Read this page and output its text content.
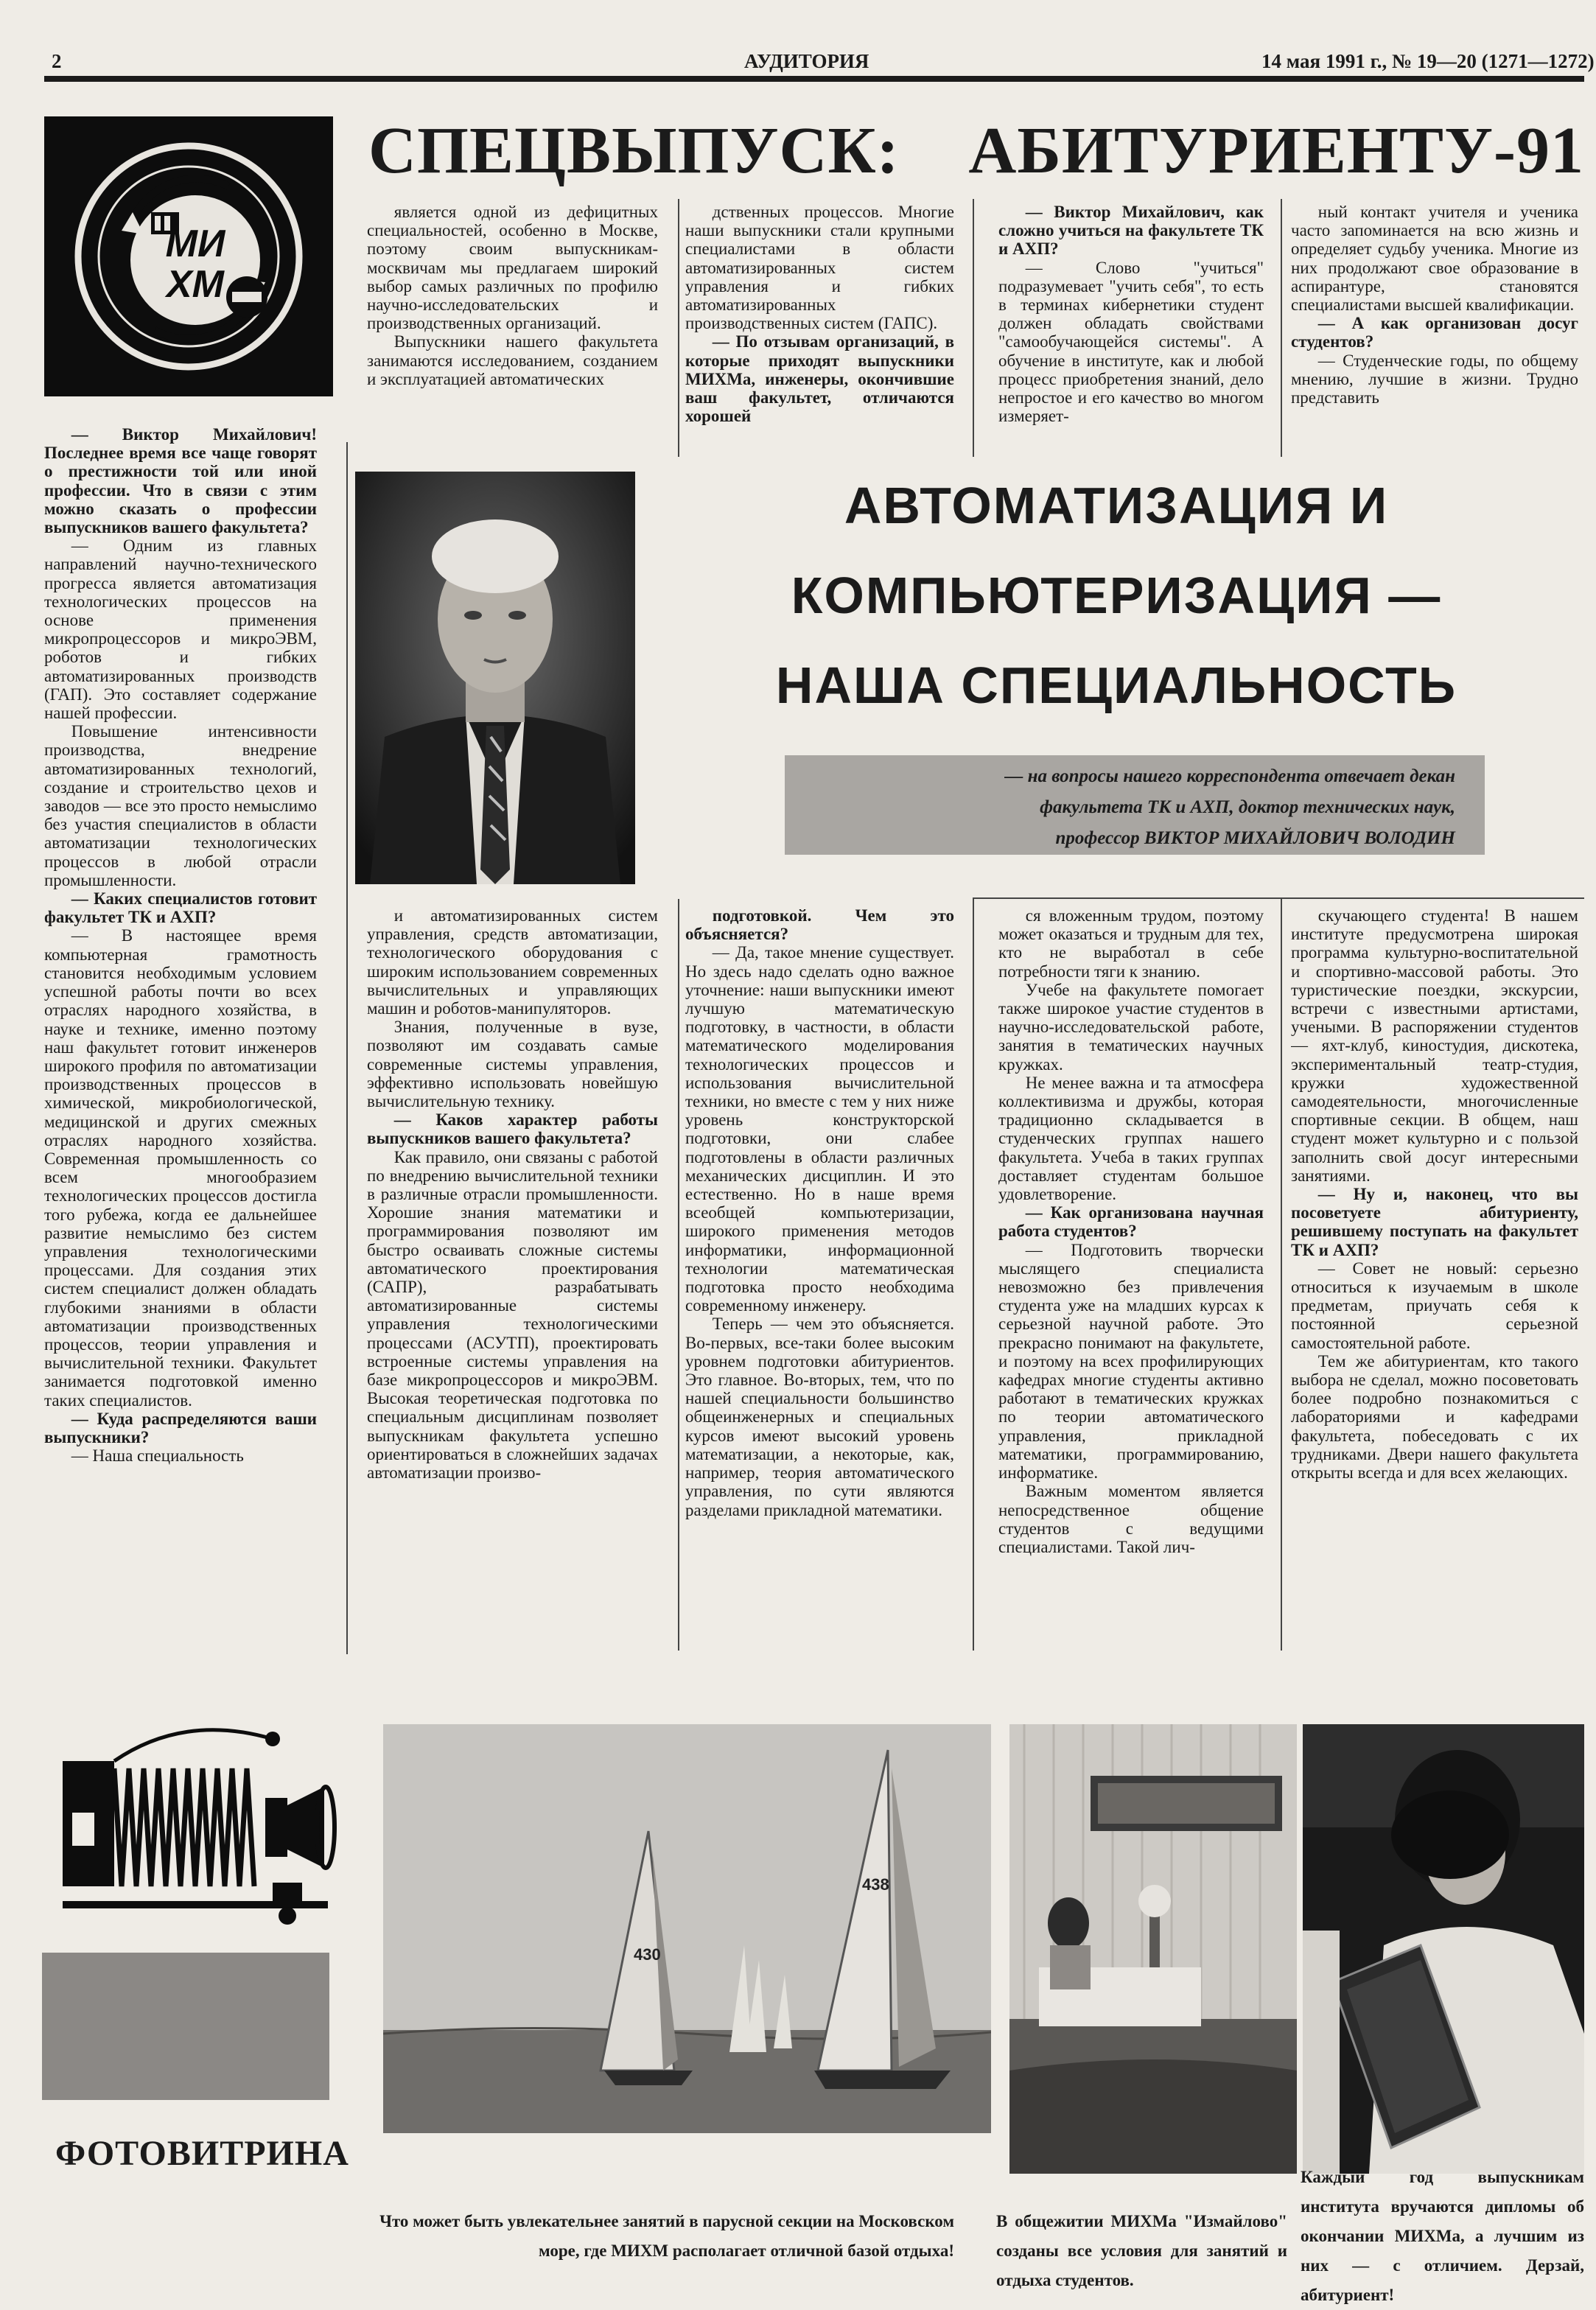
2	АУДИТОРИЯ	14 мая 1991 г., № 19—20 (1271—1272)
МИ
ХМ
СПЕЦВЫПУСК: АБИТУРИЕНТУ-91
АВТОМАТИЗАЦИЯ И
КОМПЬЮТЕРИЗАЦИЯ —
НАША СПЕЦИАЛЬНОСТЬ
— на вопросы нашего корреспондента отвечает декан
факультета ТК и АХП, доктор технических наук,
профессор ВИКТОР МИХАЙЛОВИЧ ВОЛОДИН

— Виктор Михайлович! Последнее время все чаще говорят о престижности той или иной профессии. Что в связи с этим можно сказать о профессии выпускников вашего факультета?

— Одним из главных направлений научно-технического прогресса является автоматизация технологических процессов на основе применения микропроцессоров и микроЭВМ, роботов и гибких автоматизированных производств (ГАП). Это составляет содержание нашей профессии.

Повышение интенсивности производства, внедрение автоматизированных технологий, создание и строительство цехов и заводов — все это просто немыслимо без участия специалистов в области автоматизации технологических процессов в любой отрасли промышленности.

— Каких специалистов готовит факультет ТК и АХП?

— В настоящее время компьютерная грамотность становится необходимым условием успешной работы почти во всех отраслях народного хозяйства, в науке и технике, именно поэтому наш факультет готовит инженеров широкого профиля по автоматизации производственных процессов в химической, микробиологической, медицинской и других смежных отраслях народного хозяйства. Современная промышленность со всем многообразием технологических процессов достигла того рубежа, когда ее дальнейшее развитие немыслимо без систем управления технологическими процессами. Для создания этих систем специалист должен обладать глубокими знаниями в области автоматизации производственных процессов, теории управления и вычислительной техники. Факультет занимается подготовкой именно таких специалистов.

— Куда распределяются ваши выпускники?

— Наша специальность

является одной из дефицитных специальностей, особенно в Москве, поэтому своим выпускникам-москвичам мы предлагаем широкий выбор самых различных по профилю научно-исследовательских и производственных организаций.

Выпускники нашего факультета занимаются исследованием, созданием и эксплуатацией автоматических

дственных процессов. Многие наши выпускники стали крупными специалистами в области автоматизированных систем управления и гибких автоматизированных производственных систем (ГАПС).

— По отзывам организаций, в которые приходят выпускники МИХМа, инженеры, окончившие ваш факультет, отличаются хорошей

— Виктор Михайлович, как сложно учиться на факультете ТК и АХП?

— Слово "учиться" подразумевает "учить себя", то есть в терминах кибернетики студент должен обладать свойствами "самообучающейся системы". А обучение в институте, как и любой процесс приобретения знаний, дело непростое и его качество во многом измеряет-

ный контакт учителя и ученика часто запоминается на всю жизнь и определяет судьбу ученика. Многие из них продолжают свое образование в аспирантуре, становятся специалистами высшей квалификации.

— А как организован досуг студентов?

— Студенческие годы, по общему мнению, лучшие в жизни. Трудно представить

и автоматизированных систем управления, средств автоматизации, технологического оборудования с широким использованием современных вычислительных и управляющих машин и роботов-манипуляторов.

Знания, полученные в вузе, позволяют им создавать самые современные системы управления, эффективно использовать новейшую вычислительную технику.

— Каков характер работы выпускников вашего факультета?

Как правило, они связаны с работой по внедрению вычислительной техники в различные отрасли промышленности. Хорошие знания математики и программирования позволяют им быстро осваивать сложные системы автоматического проектирования (САПР), разрабатывать автоматизированные системы управления технологическими процессами (АСУТП), проектировать встроенные системы управления на базе микропроцессоров и микроЭВМ. Высокая теоретическая подготовка по специальным дисциплинам позволяет выпускникам факультета успешно ориентироваться в сложнейших задачах автоматизации произво-

подготовкой. Чем это объясняется?

— Да, такое мнение существует. Но здесь надо сделать одно важное уточнение: наши выпускники имеют лучшую математическую подготовку, в частности, в области математического моделирования технологических процессов и использования вычислительной техники, но вместе с тем у них ниже уровень конструкторской подготовки, они слабее подготовлены в области различных механических дисциплин. И это естественно. Но в наше время всеобщей компьютеризации, широкого применения методов информатики, информационной технологии математическая подготовка просто необходима современному инженеру.

Теперь — чем это объясняется. Во-первых, все-таки более высоким уровнем подготовки абитуриентов. Это главное. Во-вторых, тем, что по нашей специальности большинство общеинженерных и специальных курсов имеют высокий уровень математизации, а некоторые, как, например, теория автоматического управления, по сути являются разделами прикладной математики.

ся вложенным трудом, поэтому может оказаться и трудным для тех, кто не выработал в себе потребности тяги к знанию.

Учебе на факультете помогает также широкое участие студентов в научно-исследовательской работе, занятия в тематических научных кружках.

Не менее важна и та атмосфера коллективизма и дружбы, которая традиционно складывается в студенческих группах нашего факультета. Учеба в таких группах доставляет студентам большое удовлетворение.

— Как организована научная работа студентов?

— Подготовить творчески мыслящего специалиста невозможно без привлечения студента уже на младших курсах к серьезной научной работе. Это прекрасно понимают на факультете, и поэтому на всех профилирующих кафедрах многие студенты активно работают в тематических кружках по теории автоматического управления, прикладной математики, программированию, информатике.

Важным моментом является непосредственное общение студентов с ведущими специалистами. Такой лич-

скучающего студента! В нашем институте предусмотрена широкая программа культурно-воспитательной и спортивно-массовой работы. Это туристические поездки, экскурсии, встречи с известными артистами, учеными. В распоряжении студентов — яхт-клуб, киностудия, дискотека, экспериментальный театр-студия, кружки художественной самодеятельности, многочисленные спортивные секции. В общем, наш студент может культурно и с пользой заполнить свой досуг интересными занятиями.

— Ну и, наконец, что вы посоветуете абитуриенту, решившему поступать на факультет ТК и АХП?

— Совет не новый: серьезно относиться к изучаемым в школе предметам, приучать себя к постоянной серьезной самостоятельной работе.

Тем же абитуриентам, кто такого выбора не сделал, можно посоветовать более подробно познакомиться с лабораториями и кафедрами факультета, побеседовать с их трудниками. Двери нашего факультета открыты всегда и для всех желающих.

ФОТОВИТРИНА
430
438
Что может быть увлекательнее занятий в парусной секции на Московском море, где МИХМ располагает отличной базой отдыха!
В общежитии МИХМа "Измайлово" созданы все условия для занятий и отдыха студентов.
Каждый год выпускникам института вручаются дипломы об окончании МИХМа, а лучшим из них — с отличием. Дерзай, абитуриент!
